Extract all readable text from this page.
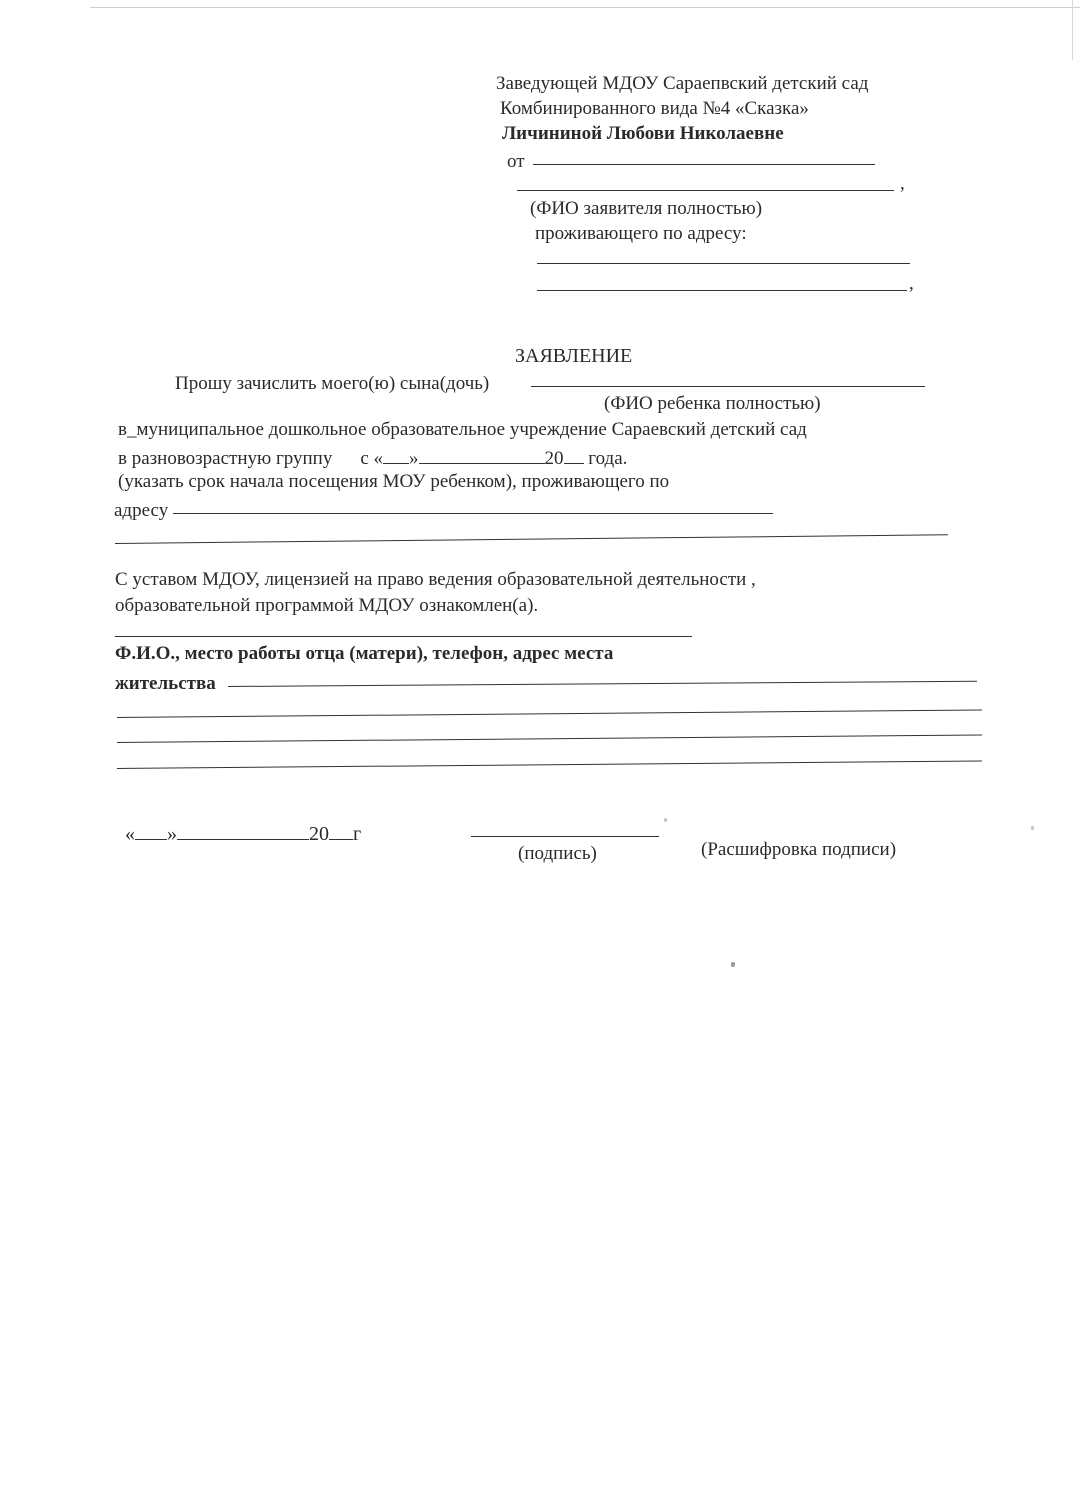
Заведующей МДОУ Сараепвский детский сад
Комбинированного вида №4 «Сказка»
Личининой Любови Николаевне
от
,
(ФИО заявителя полностью)
проживающего по адресу:
,
ЗАЯВЛЕНИЕ
Прошу зачислить моего(ю) сына(дочь)
(ФИО ребенка полностью)
в_муниципальное дошкольное образовательное учреждение Сараевский детский сад
в разновозрастную группу с « »	20 года.
(указать срок начала посещения МОУ ребенком), проживающего по
адресу
С уставом МДОУ, лицензией на право ведения образовательной деятельности ,
образовательной программой МДОУ ознакомлен(а).
Ф.И.О., место работы отца (матери), телефон, адрес места
жительства
« »	20 г
(подпись)	(Расшифровка подписи)
